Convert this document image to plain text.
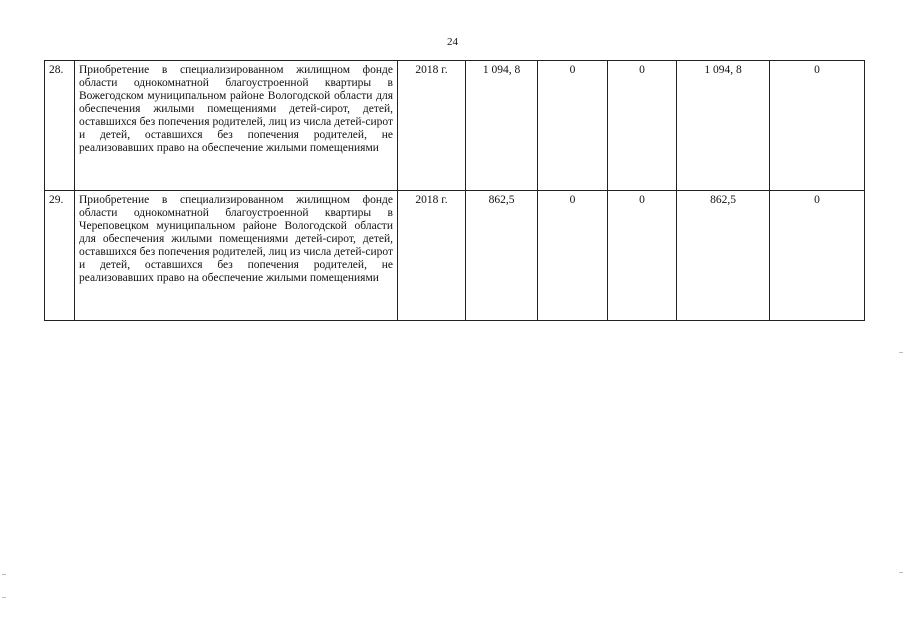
24
28.	Приобретение в специализированном жилищном фонде области однокомнатной благоустроенной квартиры в Вожегодском муниципальном районе Вологодской области для обеспечения жилыми помещениями детей-сирот, детей, оставшихся без попечения родителей, лиц из числа детей-сирот и детей, оставшихся без попечения родителей, не реализовавших право на обеспечение жилыми помещениями	2018 г.	1 094, 8	0	0	1 094, 8	0
29.	Приобретение в специализированном жилищном фонде области однокомнатной благоустроенной квартиры в Череповецком муниципальном районе Вологодской области для обеспечения жилыми помещениями детей-сирот, детей, оставшихся без попечения родителей, лиц из числа детей-сирот и детей, оставшихся без попечения родителей, не реализовавших право на обеспечение жилыми помещениями	2018 г.	862,5	0	0	862,5	0
